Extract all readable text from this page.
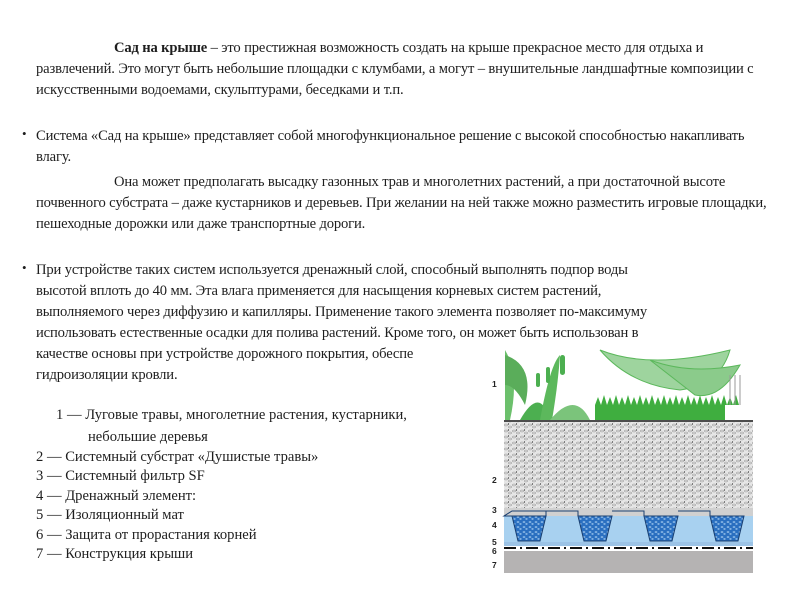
Сад на крыше – это престижная возможность создать на крыше прекрасное место для отдыха и развлечений. Это могут быть небольшие площадки с клумбами, а могут – внушительные ландшафтные композиции с искусственными водоемами, скульптурами, беседками и т.п.
• Система «Сад на крыше» представляет собой многофункциональное решение с высокой способностью накапливать влагу.
Она может предполагать высадку газонных трав и многолетних растений, а при достаточной высоте почвенного субстрата – даже кустарников и деревьев. При желании на ней также можно разместить игровые площадки, пешеходные дорожки или даже транспортные дороги.
• При устройстве таких систем используется дренажный слой, способный выполнять подпор воды
высотой вплоть до 40 мм. Эта влага применяется для насыщения корневых систем растений,
выполняемого через диффузию и капилляры. Применение такого элемента позволяет по-максимуму
использовать естественные осадки для полива растений. Кроме того, он может быть использован в
качестве основы при устройстве дорожного покрытия, обеспе
гидроизоляции кровли.
1 — Луговые травы, многолетние растения, кустарники,
небольшие деревья
2 — Системный субстрат «Душистые травы»
3 — Системный фильтр SF
4 — Дренажный элемент:
5 — Изоляционный мат
6 — Защита от прорастания корней
7 — Конструкция крыши
1
2
3
4
5
6
7
